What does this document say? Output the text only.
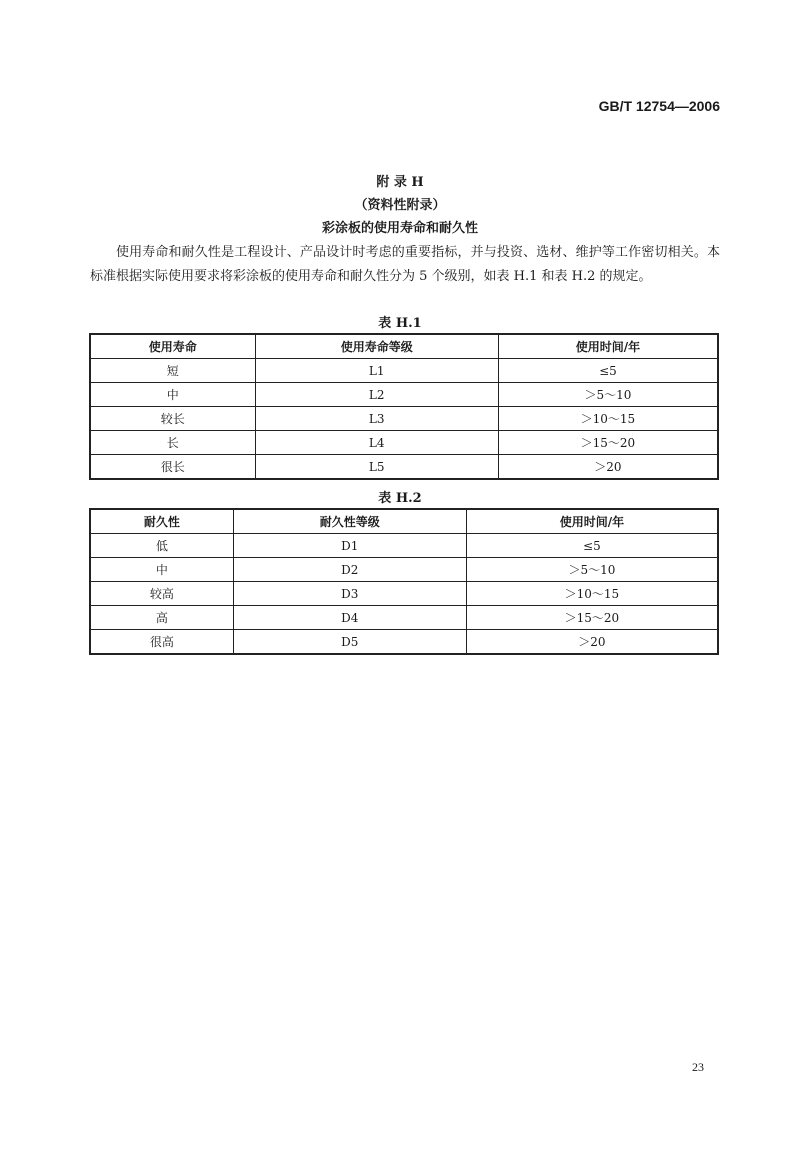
GB/T 12754—2006
附 录 H
（资料性附录）
彩涂板的使用寿命和耐久性
使用寿命和耐久性是工程设计、产品设计时考虑的重要指标，并与投资、选材、维护等工作密切相关。本标准根据实际使用要求将彩涂板的使用寿命和耐久性分为 5 个级别，如表 H.1 和表 H.2 的规定。
表 H.1
使用寿命	使用寿命等级	使用时间/年
短	L1	≤5
中	L2	＞5～10
较长	L3	＞10～15
长	L4	＞15～20
很长	L5	＞20
表 H.2
耐久性	耐久性等级	使用时间/年
低	D1	≤5
中	D2	＞5～10
较高	D3	＞10～15
高	D4	＞15～20
很高	D5	＞20
23
